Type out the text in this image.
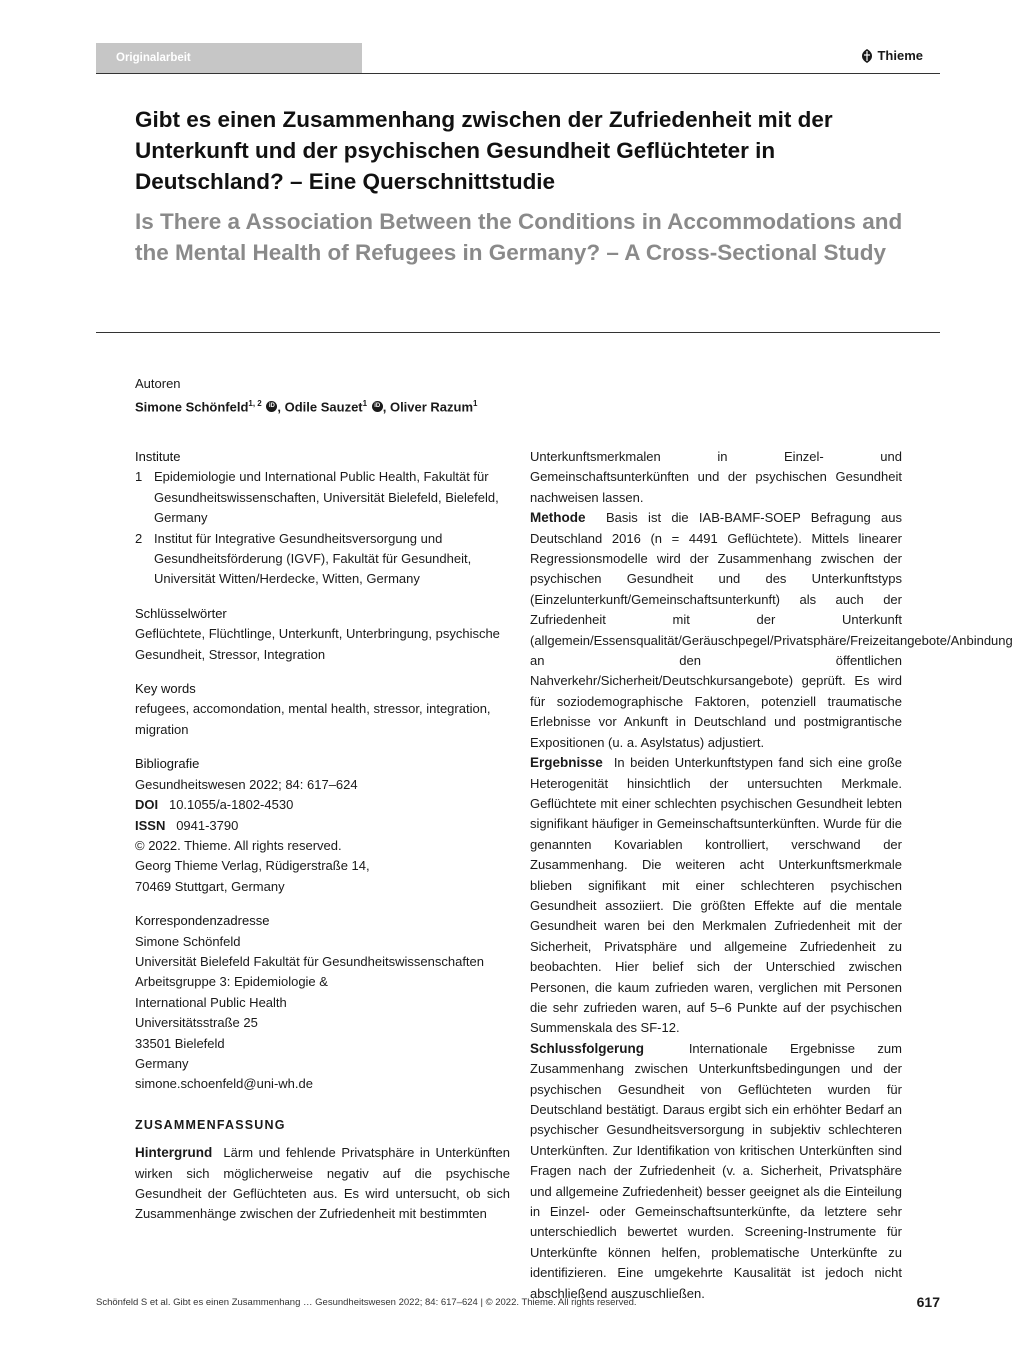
Originalarbeit	Thieme
Gibt es einen Zusammenhang zwischen der Zufriedenheit mit der Unterkunft und der psychischen Gesundheit Geflüchteter in Deutschland? – Eine Querschnittstudie
Is There a Association Between the Conditions in Accommodations and the Mental Health of Refugees in Germany? – A Cross-Sectional Study
Autoren
Simone Schönfeld$^{1, 2}$ iD , Odile Sauzet$^1$ iD , Oliver Razum$^1$
Institute
1 Epidemiologie und International Public Health, Fakultät für Gesundheitswissenschaften, Universität Bielefeld, Bielefeld, Germany
2 Institut für Integrative Gesundheitsversorgung und Gesundheitsförderung (IGVF), Fakultät für Gesundheit, Universität Witten/Herdecke, Witten, Germany
Schlüsselwörter
Geflüchtete, Flüchtlinge, Unterkunft, Unterbringung, psychische Gesundheit, Stressor, Integration
Key words
refugees, accomondation, mental health, stressor, integration, migration
Bibliografie
Gesundheitswesen 2022; 84: 617–624
DOI 10.1055/a-1802-4530
ISSN 0941-3790
© 2022. Thieme. All rights reserved.
Georg Thieme Verlag, Rüdigerstraße 14,
70469 Stuttgart, Germany
Korrespondenzadresse
Simone Schönfeld
Universität Bielefeld Fakultät für Gesundheitswissenschaften
Arbeitsgruppe 3: Epidemiologie &
International Public Health
Universitätsstraße 25
33501 Bielefeld
Germany
simone.schoenfeld@uni-wh.de
ZUSAMMENFASSUNG

Hintergrund Lärm und fehlende Privatsphäre in Unterkünften wirken sich möglicherweise negativ auf die psychische Gesundheit der Geflüchteten aus. Es wird untersucht, ob sich Zusammenhänge zwischen der Zufriedenheit mit bestimmten

Unterkunftsmerkmalen in Einzel- und Gemeinschaftsunterkünften und der psychischen Gesundheit nachweisen lassen.

Methode Basis ist die IAB-BAMF-SOEP Befragung aus Deutschland 2016 (n = 4491 Geflüchtete). Mittels linearer Regressionsmodelle wird der Zusammenhang zwischen der psychischen Gesundheit und des Unterkunftstyps (Einzelunterkunft/Gemeinschaftsunterkunft) als auch der Zufriedenheit mit der Unterkunft (allgemein/Essensqualität/Geräuschpegel/Privatsphäre/Freizeitangebote/Anbindung an den öffentlichen Nahverkehr/Sicherheit/Deutschkursangebote) geprüft. Es wird für soziodemographische Faktoren, potenziell traumatische Erlebnisse vor Ankunft in Deutschland und postmigrantische Expositionen (u. a. Asylstatus) adjustiert.

Ergebnisse In beiden Unterkunftstypen fand sich eine große Heterogenität hinsichtlich der untersuchten Merkmale. Geflüchtete mit einer schlechten psychischen Gesundheit lebten signifikant häufiger in Gemeinschaftsunterkünften. Wurde für die genannten Kovariablen kontrolliert, verschwand der Zusammenhang. Die weiteren acht Unterkunftsmerkmale blieben signifikant mit einer schlechteren psychischen Gesundheit assoziiert. Die größten Effekte auf die mentale Gesundheit waren bei den Merkmalen Zufriedenheit mit der Sicherheit, Privatsphäre und allgemeine Zufriedenheit zu beobachten. Hier belief sich der Unterschied zwischen Personen, die kaum zufrieden waren, verglichen mit Personen die sehr zufrieden waren, auf 5–6 Punkte auf der psychischen Summenskala des SF-12.

Schlussfolgerung	Internationale Ergebnisse zum Zusammenhang zwischen Unterkunftsbedingungen und der psychischen Gesundheit von Geflüchteten wurden für Deutschland bestätigt. Daraus ergibt sich ein erhöhter Bedarf an psychischer Gesundheitsversorgung in subjektiv schlechteren Unterkünften. Zur Identifikation von kritischen Unterkünften sind Fragen nach der Zufriedenheit (v. a. Sicherheit, Privatsphäre und allgemeine Zufriedenheit) besser geeignet als die Einteilung in Einzel- oder Gemeinschaftsunterkünfte, da letztere sehr unterschiedlich bewertet wurden. Screening-Instrumente für Unterkünfte können helfen, problematische Unterkünfte zu identifizieren. Eine umgekehrte Kausalität ist jedoch nicht abschließend auszuschließen.

Schönfeld S et al. Gibt es einen Zusammenhang … Gesundheitswesen 2022; 84: 617–624 | © 2022. Thieme. All rights reserved.	617
